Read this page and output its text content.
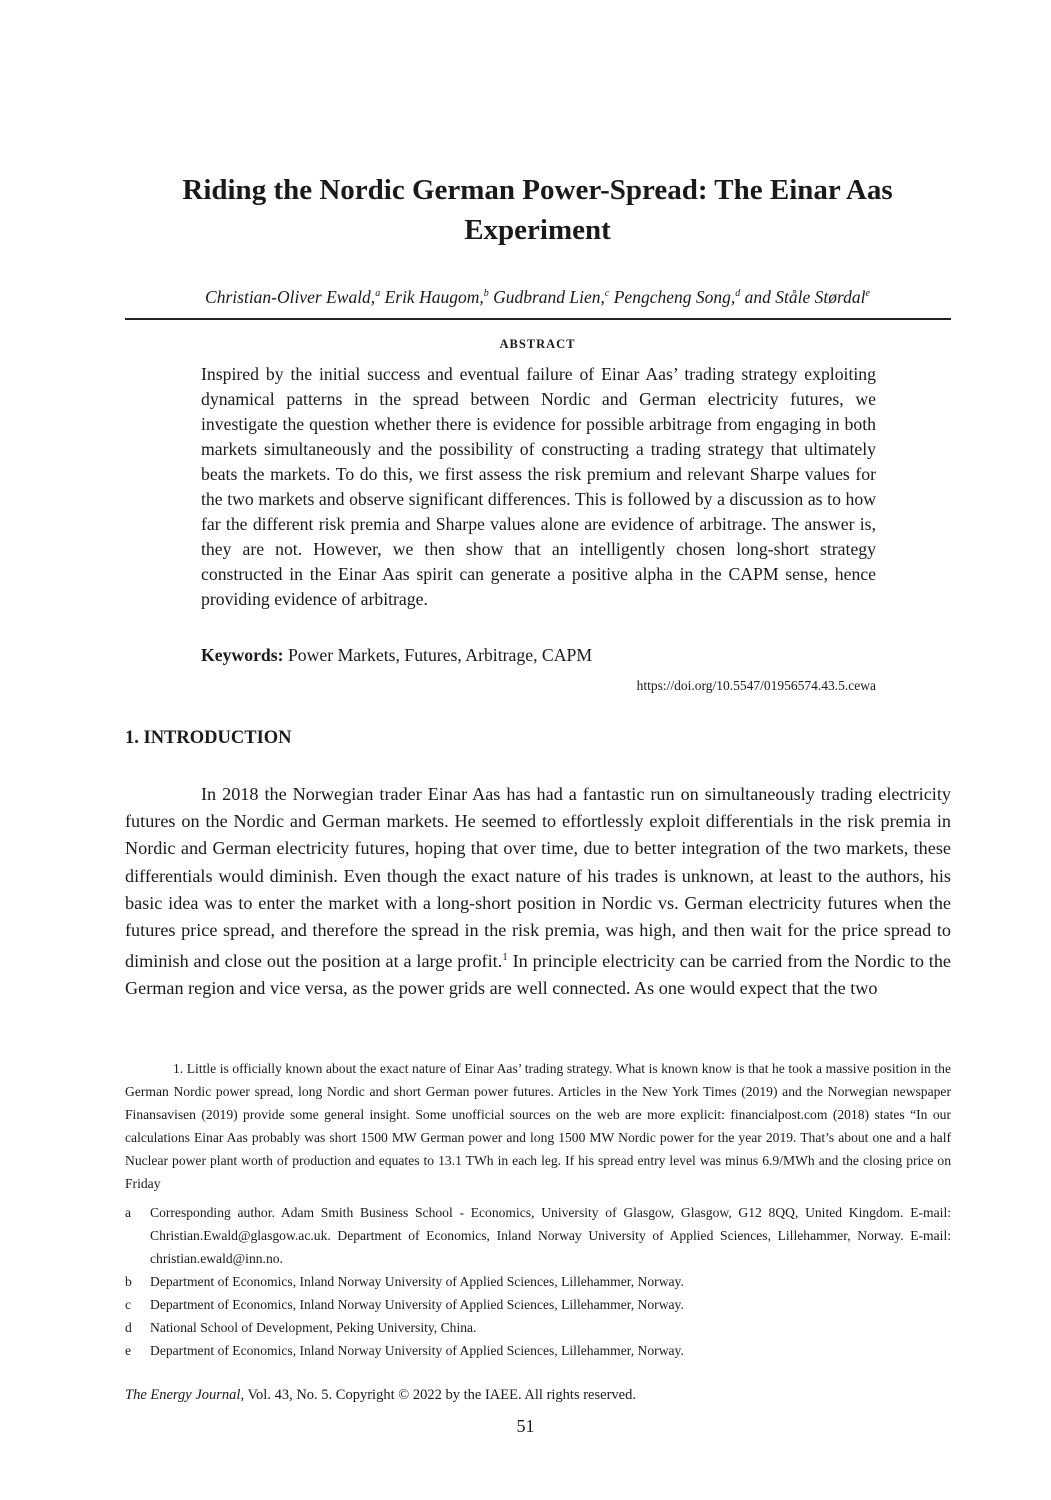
Riding the Nordic German Power-Spread: The Einar Aas Experiment
Christian-Oliver Ewald,$^a$ Erik Haugom,$^b$ Gudbrand Lien,$^c$ Pengcheng Song,$^d$ and Ståle Størdal$^e$
ABSTRACT

Inspired by the initial success and eventual failure of Einar Aas’ trading strategy exploiting dynamical patterns in the spread between Nordic and German electricity futures, we investigate the question whether there is evidence for possible arbitrage from engaging in both markets simultaneously and the possibility of constructing a trading strategy that ultimately beats the markets. To do this, we first assess the risk premium and relevant Sharpe values for the two markets and observe significant differences. This is followed by a discussion as to how far the different risk premia and Sharpe values alone are evidence of arbitrage. The answer is, they are not. However, we then show that an intelligently chosen long-short strategy constructed in the Einar Aas spirit can generate a positive alpha in the CAPM sense, hence providing evidence of arbitrage.

Keywords: Power Markets, Futures, Arbitrage, CAPM
https://doi.org/10.5547/01956574.43.5.cewa
1. INTRODUCTION

In 2018 the Norwegian trader Einar Aas has had a fantastic run on simultaneously trading electricity futures on the Nordic and German markets. He seemed to effortlessly exploit differentials in the risk premia in Nordic and German electricity futures, hoping that over time, due to better integration of the two markets, these differentials would diminish. Even though the exact nature of his trades is unknown, at least to the authors, his basic idea was to enter the market with a long-short position in Nordic vs. German electricity futures when the futures price spread, and therefore the spread in the risk premia, was high, and then wait for the price spread to diminish and close out the position at a large profit.$^1$ In principle electricity can be carried from the Nordic to the German region and vice versa, as the power grids are well connected. As one would expect that the two

1. Little is officially known about the exact nature of Einar Aas’ trading strategy. What is known know is that he took a massive position in the German Nordic power spread, long Nordic and short German power futures. Articles in the New York Times (2019) and the Norwegian newspaper Finansavisen (2019) provide some general insight. Some unofficial sources on the web are more explicit: financialpost.com (2018) states “In our calculations Einar Aas probably was short 1500 MW German power and long 1500 MW Nordic power for the year 2019. That’s about one and a half Nuclear power plant worth of production and equates to 13.1 TWh in each leg. If his spread entry level was minus 6.9/MWh and the closing price on Friday

a	Corresponding author. Adam Smith Business School - Economics, University of Glasgow, Glasgow, G12 8QQ, United Kingdom. E-mail: Christian.Ewald@glasgow.ac.uk. Department of Economics, Inland Norway University of Applied Sciences, Lillehammer, Norway. E-mail: christian.ewald@inn.no.
b	Department of Economics, Inland Norway University of Applied Sciences, Lillehammer, Norway.
c	Department of Economics, Inland Norway University of Applied Sciences, Lillehammer, Norway.
d	National School of Development, Peking University, China.
e	Department of Economics, Inland Norway University of Applied Sciences, Lillehammer, Norway.
The Energy Journal, Vol. 43, No. 5. Copyright © 2022 by the IAEE. All rights reserved.
51
